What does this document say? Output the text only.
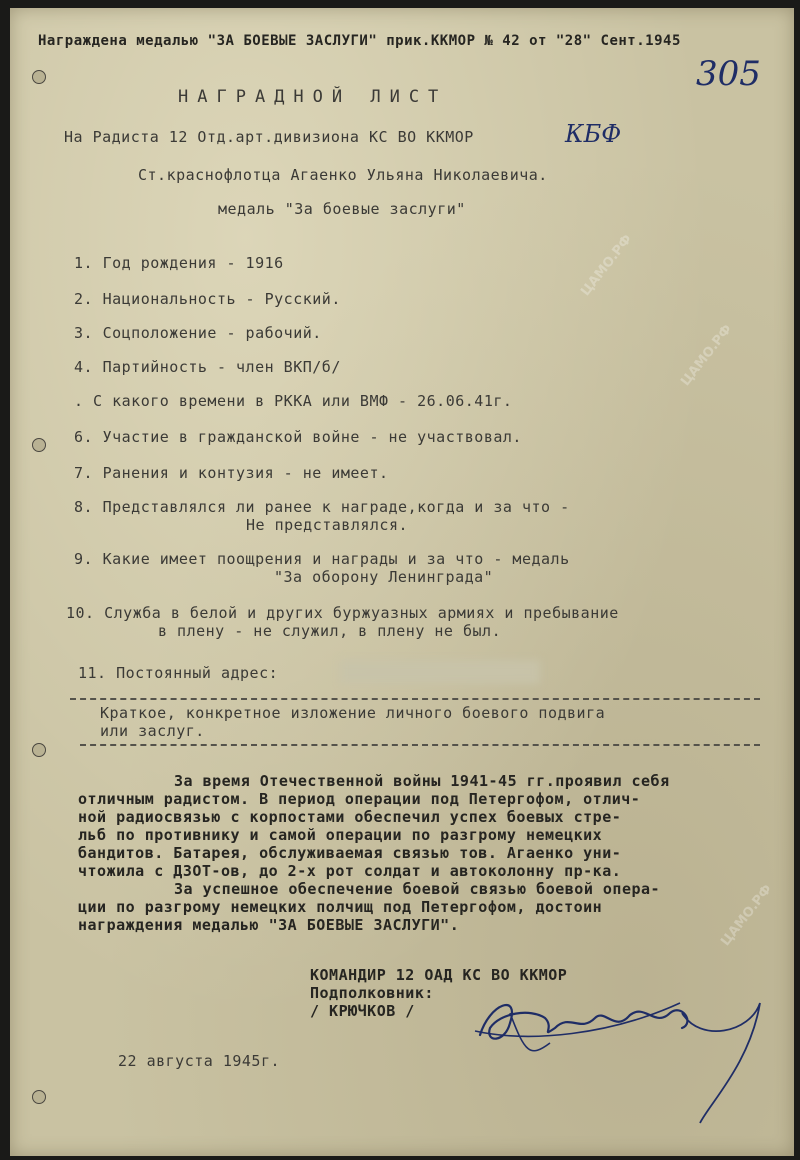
ЦАМО.РФ
ЦАМО.РФ
ЦАМО.РФ
Награждена медалью "ЗА БОЕВЫЕ ЗАСЛУГИ" прик.ККМОР № 42 от "28" Сент.1945
305
НАГРАДНОЙ ЛИСТ
На Радиста 12 Отд.арт.дивизиона КС ВО ККМОР	КБФ
Ст.краснофлотца Агаенко Ульяна Николаевича.
медаль "За боевые заслуги"
1. Год рождения - 1916
2. Национальность - Русский.
3. Соцположение - рабочий.
4. Партийность - член ВКП/б/
. С какого времени в РККА или ВМФ - 26.06.41г.
6. Участие в гражданской войне - не участвовал.
7. Ранения и контузия - не имеет.
8. Представлялся ли ранее к награде,когда и за что -
Не представлялся.
9. Какие имеет поощрения и награды и за что - медаль
"За оборону Ленинграда"
10. Служба в белой и других буржуазных армиях и пребывание
в плену - не служил, в плену не был.
11. Постоянный адрес:
Краткое, конкретное изложение личного боевого подвига
или заслуг.
За время Отечественной войны 1941-45 гг.проявил себя
отличным радистом. В период операции под Петергофом, отлич-
ной радиосвязью с корпостами обеспечил успех боевых стре-
льб по противнику и самой операции по разгрому немецких
бандитов. Батарея, обслуживаемая связью тов. Агаенко уни-
чтожила с ДЗОТ-ов, до 2-х рот солдат и автоколонну пр-ка.
За успешное обеспечение боевой связью боевой опера-
ции по разгрому немецких полчищ под Петергофом, достоин
награждения медалью "ЗА БОЕВЫЕ ЗАСЛУГИ".
КОМАНДИР 12 ОАД КС ВО ККМОР
Подполковник:
/ КРЮЧКОВ /
22 августа 1945г.
